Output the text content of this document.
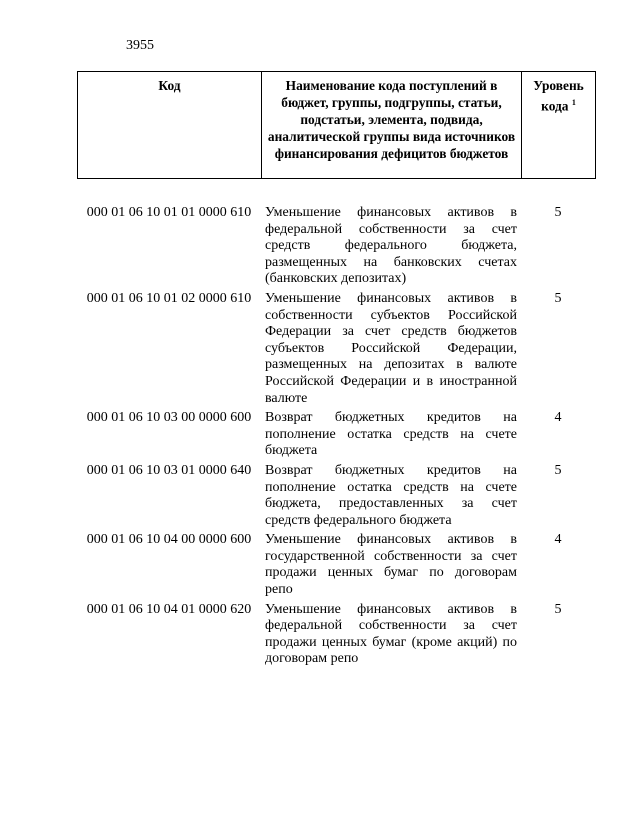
3955
Код	Наименование кода поступлений в бюджет, группы, подгруппы, статьи, подстатьи, элемента, подвида, аналитической группы вида источников финансирования дефицитов бюджетов	Уровень кода $^1$
000 01 06 10 01 01 0000 610	Уменьшение финансовых активов в федеральной собственности за счет средств федерального бюджета, размещенных на банковских счетах (банковских депозитах)	5
000 01 06 10 01 02 0000 610	Уменьшение финансовых активов в собственности субъектов Российской Федерации за счет средств бюджетов субъектов Российской Федерации, размещенных на депозитах в валюте Российской Федерации и в иностранной валюте	5
000 01 06 10 03 00 0000 600	Возврат бюджетных кредитов на пополнение остатка средств на счете бюджета	4
000 01 06 10 03 01 0000 640	Возврат бюджетных кредитов на пополнение остатка средств на счете бюджета, предоставленных за счет средств федерального бюджета	5
000 01 06 10 04 00 0000 600	Уменьшение финансовых активов в государственной собственности за счет продажи ценных бумаг по договорам репо	4
000 01 06 10 04 01 0000 620	Уменьшение финансовых активов в федеральной собственности за счет продажи ценных бумаг (кроме акций) по договорам репо	5
